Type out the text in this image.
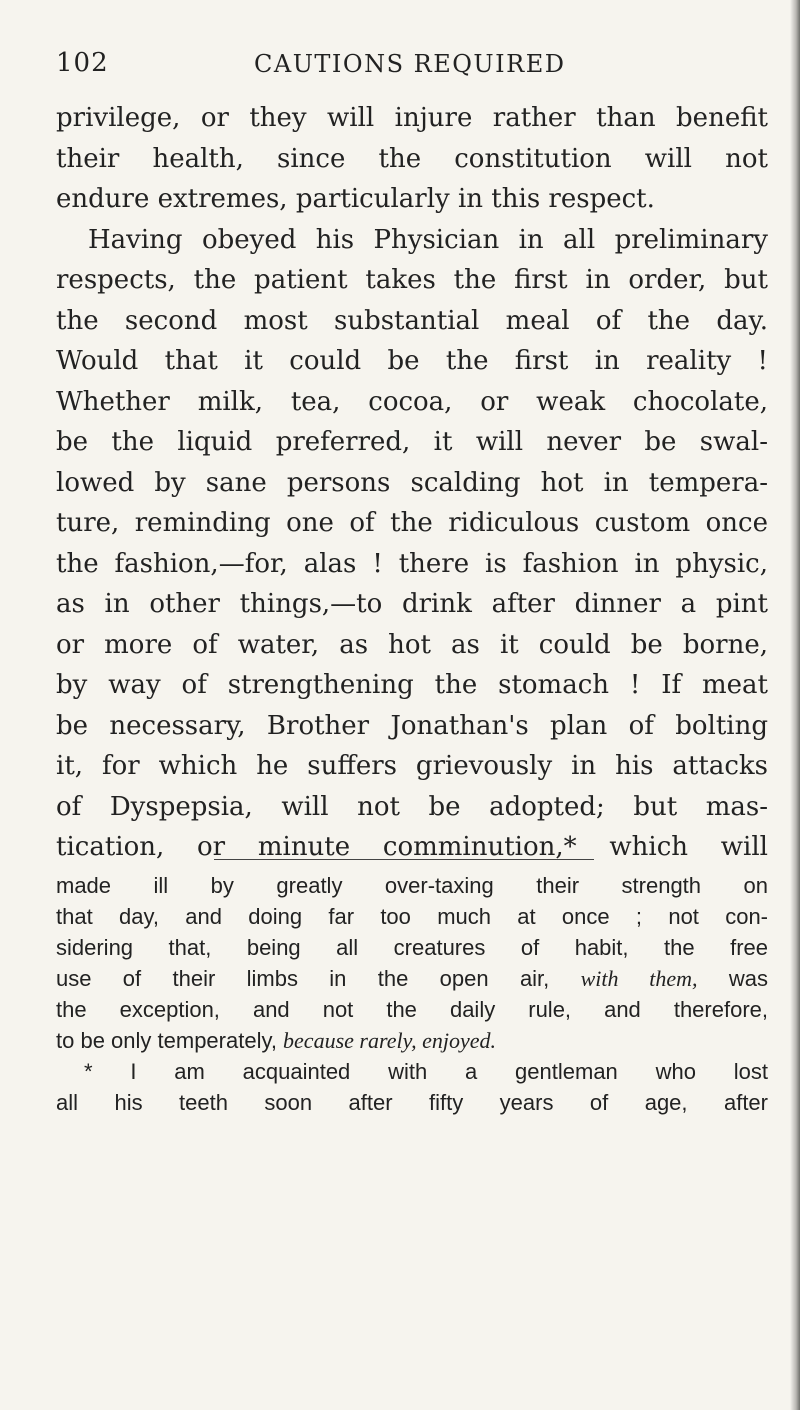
102	CAUTIONS REQUIRED
privilege, or they will injure rather than benefit
their health, since the constitution will not
endure extremes, particularly in this respect.
Having obeyed his Physician in all preliminary
respects, the patient takes the first in order, but
the second most substantial meal of the day.
Would that it could be the first in reality !
Whether milk, tea, cocoa, or weak chocolate,
be the liquid preferred, it will never be swal-
lowed by sane persons scalding hot in tempera-
ture, reminding one of the ridiculous custom once
the fashion,—for, alas ! there is fashion in physic,
as in other things,—to drink after dinner a pint
or more of water, as hot as it could be borne,
by way of strengthening the stomach ! If meat
be necessary, Brother Jonathan's plan of bolting
it, for which he suffers grievously in his attacks
of Dyspepsia, will not be adopted; but mas-
tication, or minute comminution,* which will
made ill by greatly over-taxing their strength on
that day, and doing far too much at once ; not con-
sidering that, being all creatures of habit, the free
use of their limbs in the open air, with them, was
the exception, and not the daily rule, and therefore,
to be only temperately, because rarely, enjoyed.
* I am acquainted with a gentleman who lost
all his teeth soon after fifty years of age, after
